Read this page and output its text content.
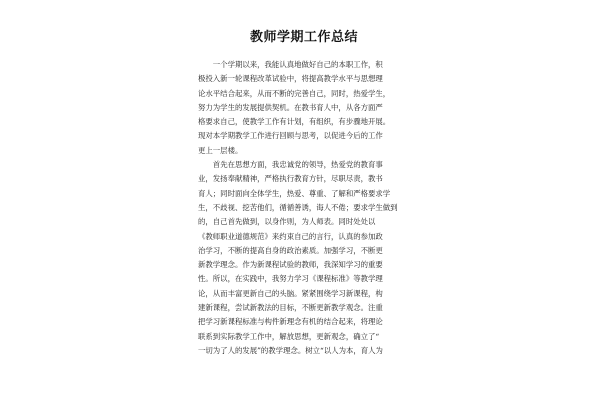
教师学期工作总结

一个学期以来，我能认真地做好自己的本职工作，积
极投入新一轮课程改革试验中，将提高教学水平与思想理
论水平结合起来，从而不断的完善自己，同时，热爱学生，
努力为学生的发展提供契机。在教书育人中，从各方面严
格要求自己，使教学工作有计划，有组织，有步骤地开展。
现对本学期教学工作进行回顾与思考，以促进今后的工作
更上一层楼。

首先在思想方面，我忠诚党的领导，热爱党的教育事
业，发扬奉献精神，严格执行教育方针，尽职尽责，教书
育人；同时面向全体学生，热爱、尊重、了解和严格要求学
生，不歧视、挖苦他们，循循善诱，诲人不倦；要求学生做到
的，自己首先做到，以身作则，为人师表。同时处处以
《教师职业道德规范》来约束自己的言行，认真的参加政
治学习，不断的提高自身的政治素质。加强学习，不断更
新教学理念。作为新课程试验的教师，我深知学习的重要
性。所以，在实践中，我努力学习《课程标准》等教学理
论，从而丰富更新自己的头脑。紧紧围绕学习新课程，构
建新课程，尝试新教法的目标，不断更新教学观念。注重
把学习新课程标准与构件新理念有机的结合起来，将理论
联系到实际教学工作中，解放思想，更新观念，确立了“
一切为了人的发展”的教学理念。树立“以人为本，育人为
